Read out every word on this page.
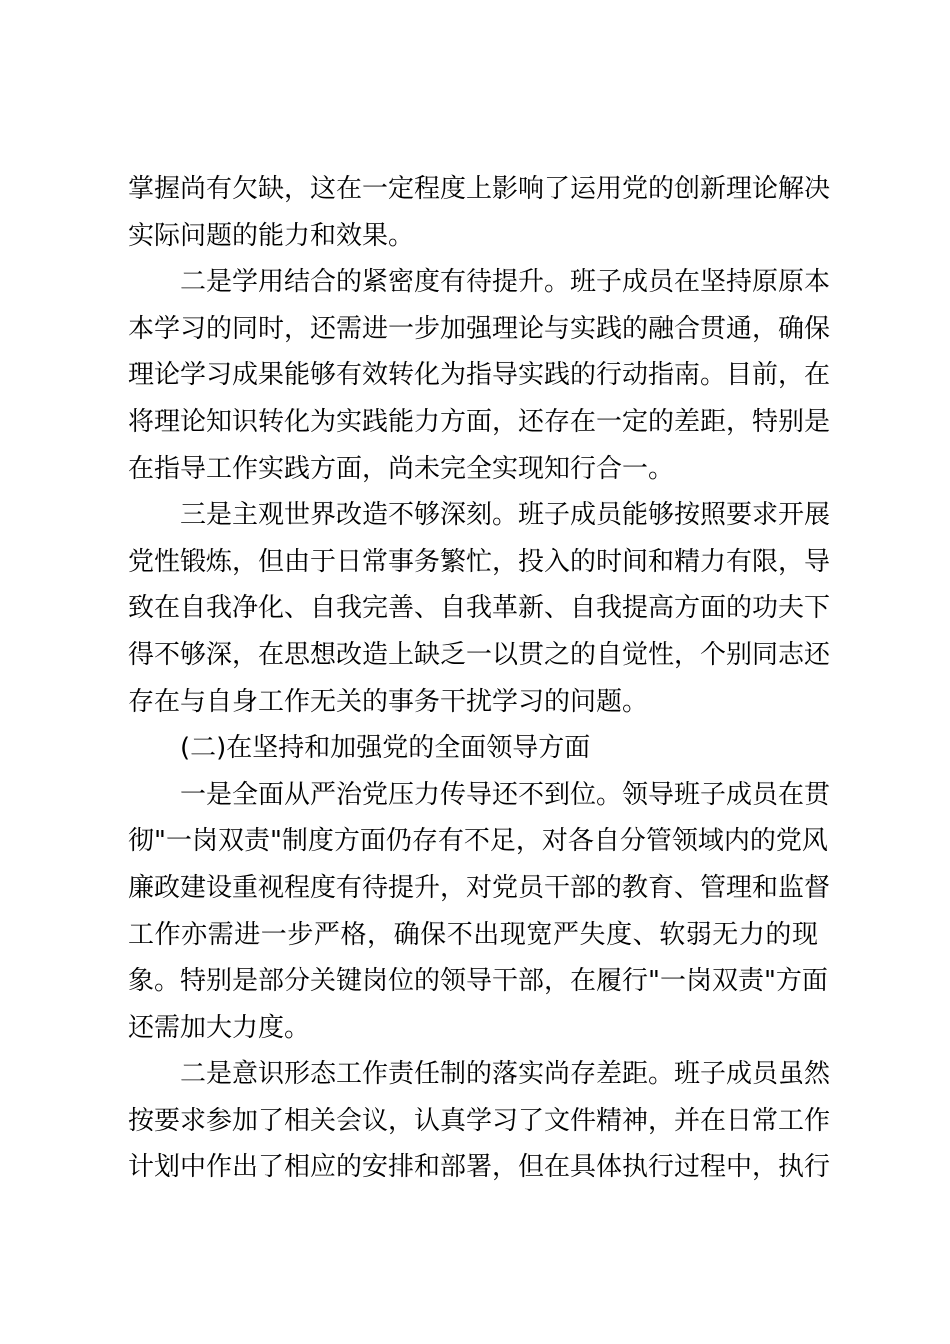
掌握尚有欠缺，这在一定程度上影响了运用党的创新理论解决
实际问题的能力和效果。
二是学用结合的紧密度有待提升。班子成员在坚持原原本
本学习的同时，还需进一步加强理论与实践的融合贯通，确保
理论学习成果能够有效转化为指导实践的行动指南。目前，在
将理论知识转化为实践能力方面，还存在一定的差距，特别是
在指导工作实践方面，尚未完全实现知行合一。
三是主观世界改造不够深刻。班子成员能够按照要求开展
党性锻炼，但由于日常事务繁忙，投入的时间和精力有限，导
致在自我净化、自我完善、自我革新、自我提高方面的功夫下
得不够深，在思想改造上缺乏一以贯之的自觉性，个别同志还
存在与自身工作无关的事务干扰学习的问题。
(二)在坚持和加强党的全面领导方面
一是全面从严治党压力传导还不到位。领导班子成员在贯
彻"一岗双责"制度方面仍存有不足，对各自分管领域内的党风
廉政建设重视程度有待提升，对党员干部的教育、管理和监督
工作亦需进一步严格，确保不出现宽严失度、软弱无力的现
象。特别是部分关键岗位的领导干部，在履行"一岗双责"方面
还需加大力度。
二是意识形态工作责任制的落实尚存差距。班子成员虽然
按要求参加了相关会议，认真学习了文件精神，并在日常工作
计划中作出了相应的安排和部署，但在具体执行过程中，执行
